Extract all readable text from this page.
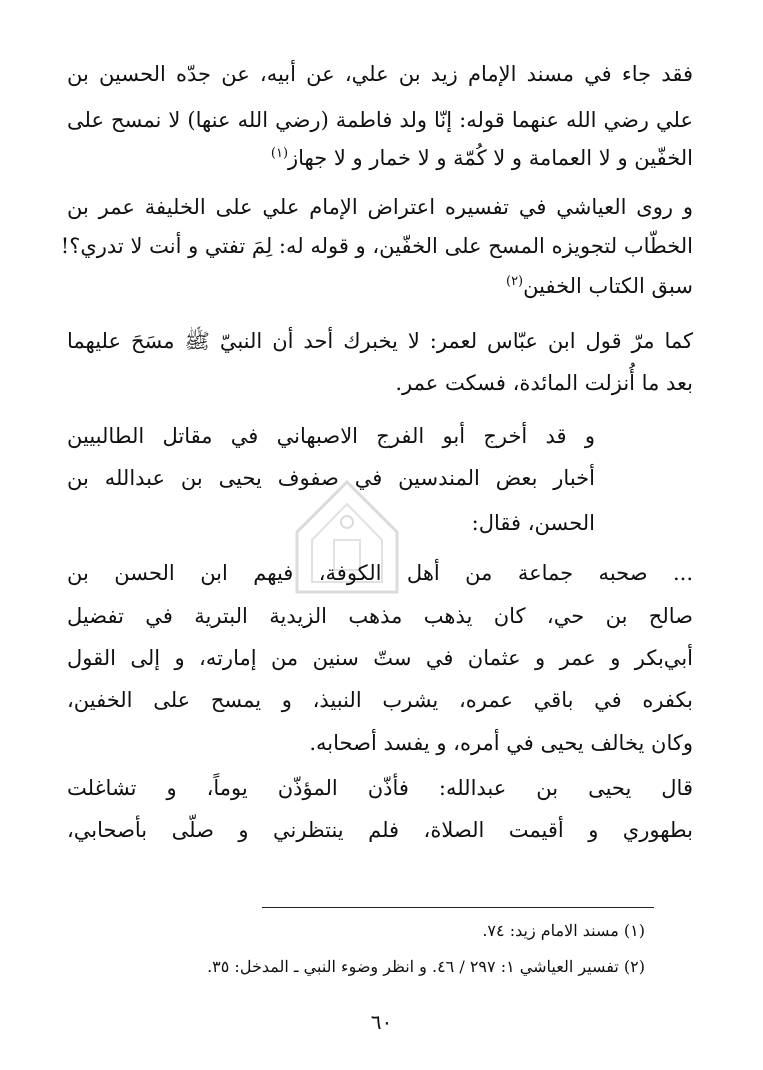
فقد جاء في مسند الإمام زيد بن علي، عن أبيه، عن جدّه الحسين بن
علي رضي الله عنهما قوله: إنّا ولد فاطمة (رضي الله عنها) لا نمسح على
الخفّين و لا العمامة و لا كُمّة و لا خمار و لا جهاز$^{(١)}$
و روى العياشي في تفسيره اعتراض الإمام علي على الخليفة عمر بن
الخطّاب لتجويزه المسح على الخفّين، و قوله له: لِمَ تفتي و أنت لا تدري؟!
سبق الكتاب الخفين$^{(٢)}$
كما مرّ قول ابن عبّاس لعمر: لا يخبرك أحد أن النبيّ ﷺ مسَحَ عليهما
بعد ما أُنزلت المائدة، فسكت عمر.
و قد أخرج أبو الفرج الاصبهاني في مقاتل الطالبيين
أخبار بعض المندسين في صفوف يحيى بن عبدالله بن
الحسن، فقال:
... صحبه جماعة من أهل الكوفة، فيهم ابن الحسن بن
صالح بن حي، كان يذهب مذهب الزيدية البترية في تفضيل
أبي‌بكر و عمر و عثمان في ستّ سنين من إمارته، و إلى القول
بكفره في باقي عمره، يشرب النبيذ، و يمسح على الخفين،
وكان يخالف يحيى في أمره، و يفسد أصحابه.
قال يحيى بن عبدالله: فأذّن المؤذّن يوماً، و تشاغلت
بطهوري و أقيمت الصلاة، فلم ينتظرني و صلّى بأصحابي،
(١) مسند الامام زيد: ٧٤.
(٢) تفسير العياشي ١: ٢٩٧ / ٤٦. و انظر وضوء النبي ـ المدخل: ٣٥.
٦٠
